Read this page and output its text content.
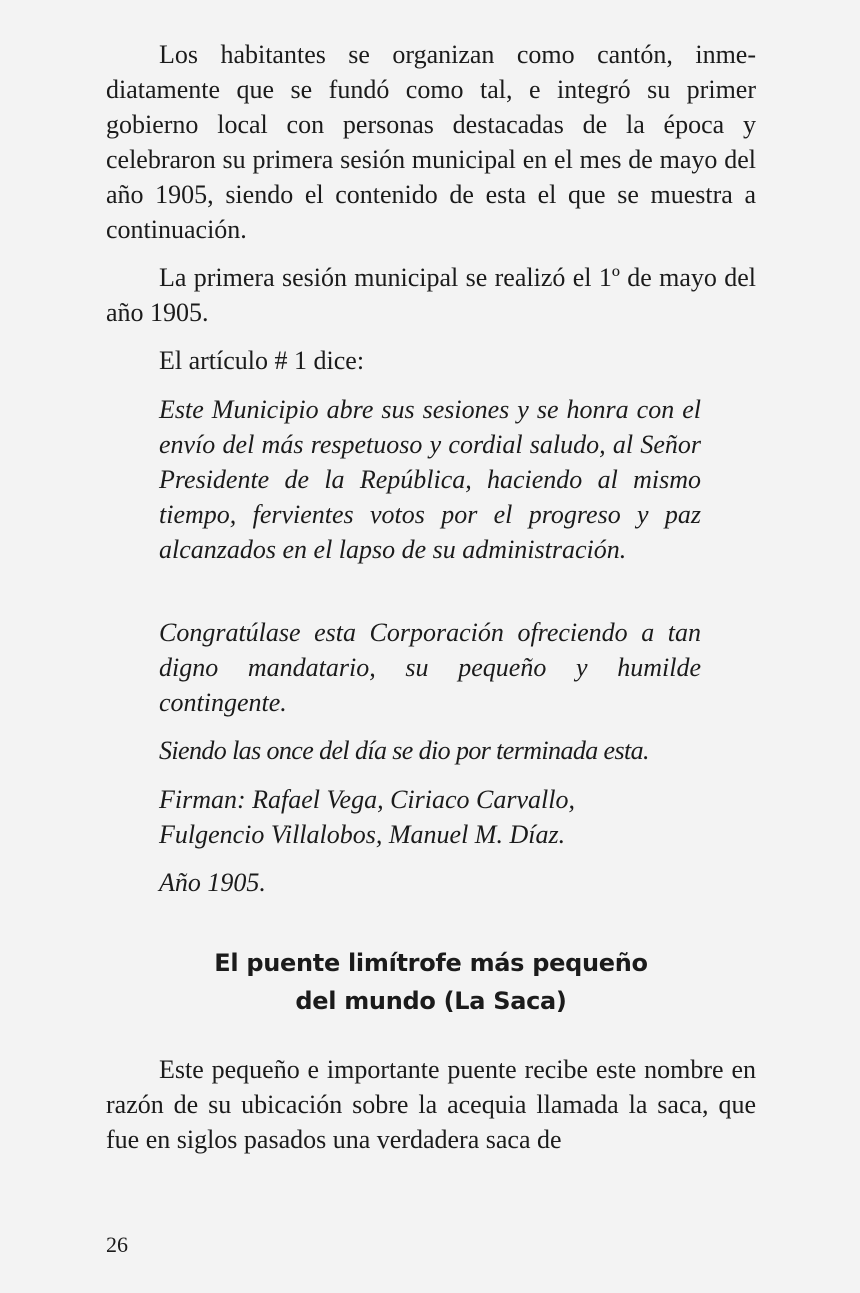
Los habitantes se organizan como cantón, inmediatamente que se fundó como tal, e integró su primer gobierno local con personas destacadas de la época y celebraron su primera sesión municipal en el mes de mayo del año 1905, siendo el contenido de esta el que se muestra a continuación.

La primera sesión municipal se realizó el 1º de mayo del año 1905.

El artículo # 1 dice:

Este Municipio abre sus sesiones y se honra con el envío del más respetuoso y cordial saludo, al Señor Presidente de la República, haciendo al mismo tiempo, fervientes votos por el progreso y paz alcanzados en el lapso de su administración.

Congratúlase esta Corporación ofreciendo a tan digno mandatario, su pequeño y humilde contingente.

Siendo las once del día se dio por terminada esta.

Firman: Rafael Vega, Ciriaco Carvallo,

Fulgencio Villalobos, Manuel M. Díaz.

Año 1905.

El puente limítrofe más pequeño
del mundo (La Saca)

Este pequeño e importante puente recibe este nombre en razón de su ubicación sobre la acequia llamada la saca, que fue en siglos pasados una verdadera saca de

26
